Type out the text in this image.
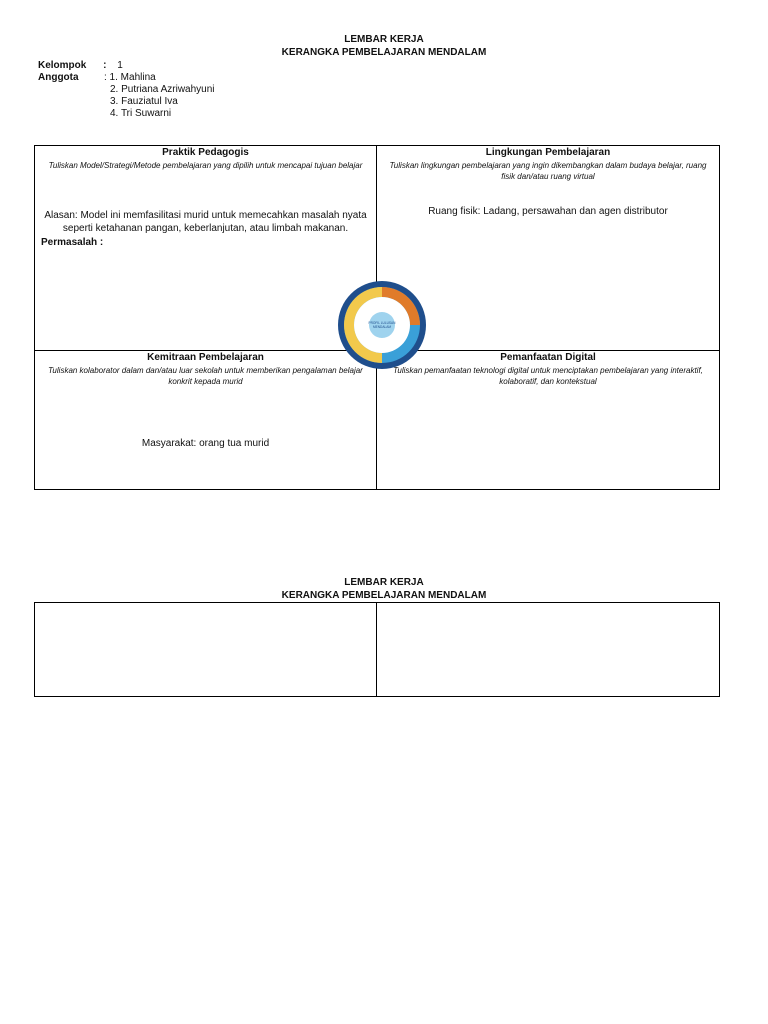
LEMBAR KERJA
KERANGKA PEMBELAJARAN MENDALAM
Kelompok : 1
Anggota	: 1. Mahlina
2. Putriana Azriwahyuni
3. Fauziatul Iva
4. Tri Suwarni
Praktik Pedagogis

Tuliskan Model/Strategi/Metode pembelajaran yang dipilih untuk mencapai tujuan belajar

Alasan: Model ini memfasilitasi murid untuk memecahkan masalah nyata seperti ketahanan pangan, keberlanjutan, atau limbah makanan.
Permasalah :
Lingkungan Pembelajaran

Tuliskan lingkungan pembelajaran yang ingin dikembangkan dalam budaya belajar, ruang fisik dan/atau ruang virtual

Ruang fisik: Ladang, persawahan dan agen distributor
Kemitraan Pembelajaran

Tuliskan kolaborator dalam dan/atau luar sekolah untuk memberikan pengalaman belajar konkrit kepada murid

Masyarakat: orang tua murid
Pemanfaatan Digital

Tuliskan pemanfaatan teknologi digital untuk menciptakan pembelajaran yang interaktif, kolaboratif, dan kontekstual

PROFIL LULUSAN
MENDALAM
LEMBAR KERJA
KERANGKA PEMBELAJARAN MENDALAM
